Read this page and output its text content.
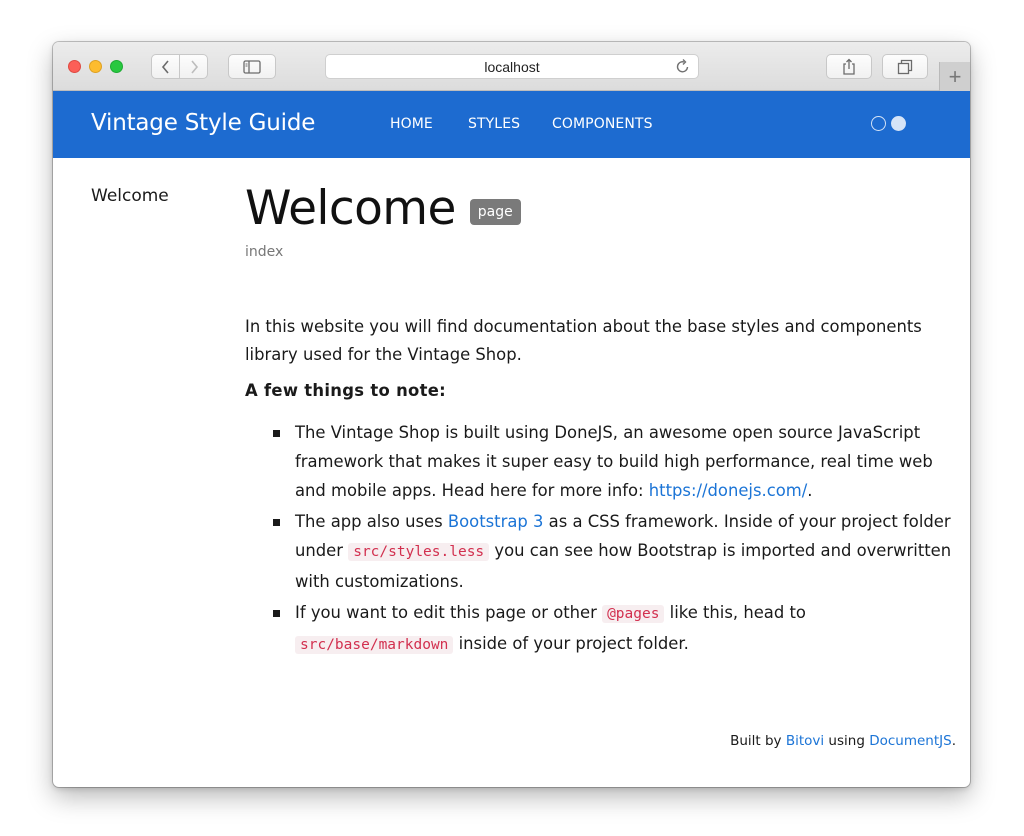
localhost	+
Vintage Style Guide	HOME	STYLES COMPONENTS
Welcome Welcome	page
index

In this website you will find documentation about the base styles and components library used for the Vintage Shop.

A few things to note:
The Vintage Shop is built using DoneJS, an awesome open source JavaScript framework that makes it super easy to build high performance, real time web and mobile apps. Head here for more info: https://donejs.com/.
The app also uses Bootstrap 3 as a CSS framework. Inside of your project folder under src/styles.less you can see how Bootstrap is imported and overwritten with customizations.
If you want to edit this page or other @pages like this, head to src/base/markdown inside of your project folder.
Built by Bitovi using DocumentJS.
